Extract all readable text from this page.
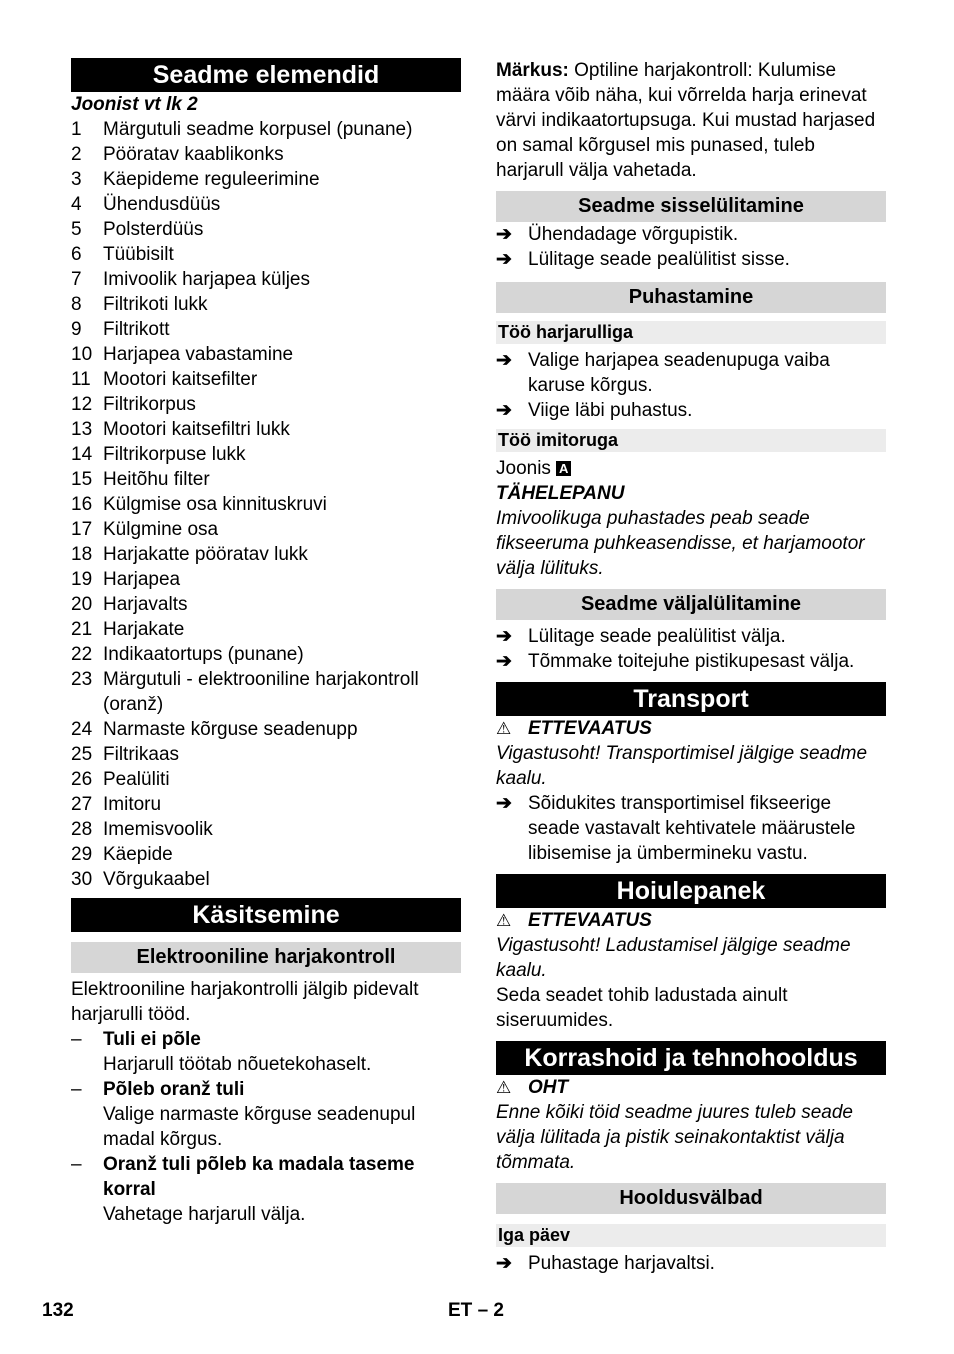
Seadme elemendid

Joonist vt lk 2

1	Märgutuli seadme korpusel (punane)
2	Pööratav kaablikonks
3	Käepideme reguleerimine
4	Ühendusdüüs
5	Polsterdüüs
6	Tüübisilt
7	Imivoolik harjapea küljes
8	Filtrikoti lukk
9	Filtrikott
10 Harjapea vabastamine
11 Mootori kaitsefilter
12 Filtrikorpus
13 Mootori kaitsefiltri lukk
14 Filtrikorpuse lukk
15 Heitõhu filter
16 Külgmise osa kinnituskruvi
17 Külgmine osa
18 Harjakatte pööratav lukk
19 Harjapea
20 Harjavalts
21 Harjakate
22 Indikaatortups (punane)
23 Märgutuli - elektrooniline harjakontroll (oranž)
24 Narmaste kõrguse seadenupp
25 Filtrikaas
26 Pealüliti
27 Imitoru
28 Imemisvoolik
29 Käepide
30 Võrgukaabel
Käsitsemine
Elektrooniline harjakontroll

Elektrooniline harjakontrolli jälgib pidevalt harjarulli tööd.

–	Tuli ei põle

Harjarull töötab nõuetekohaselt.

–	Põleb oranž tuli

Valige narmaste kõrguse seadenupul madal kõrgus.

–	Oranž tuli põleb ka madala taseme korral

Vahetage harjarull välja.

Märkus: Optiline harjakontroll: Kulumise määra võib näha, kui võrrelda harja erinevat värvi indikaatortupsuga. Kui mustad harjased on samal kõrgusel mis punased, tuleb harjarull välja vahetada.

Seadme sisselülitamine
➔ Ühendadage võrgupistik.
➔ Lülitage seade pealülitist sisse.
Puhastamine
Töö harjarulliga
➔ Valige harjapea seadenupuga vaiba karuse kõrgus.
➔ Viige läbi puhastus.
Töö imitoruga

Joonis A

TÄHELEPANU

Imivoolikuga puhastades peab seade fikseeruma puhkeasendisse, et harjamootor välja lülituks.

Seadme väljalülitamine
➔ Lülitage seade pealülitist välja.
➔ Tõmmake toitejuhe pistikupesast välja.
Transport
⚠ ETTEVAATUS

Vigastusoht! Transportimisel jälgige seadme kaalu.

➔ Sõidukites transportimisel fikseerige seade vastavalt kehtivatele määrustele libisemise ja ümbermineku vastu.
Hoiulepanek
⚠ ETTEVAATUS

Vigastusoht! Ladustamisel jälgige seadme kaalu.

Seda seadet tohib ladustada ainult siseruumides.

Korrashoid ja tehnohooldus
⚠ OHT

Enne kõiki töid seadme juures tuleb seade välja lülitada ja pistik seinakontaktist välja tõmmata.

Hooldusvälbad
Iga päev
➔ Puhastage harjavaltsi.
132	ET – 2
